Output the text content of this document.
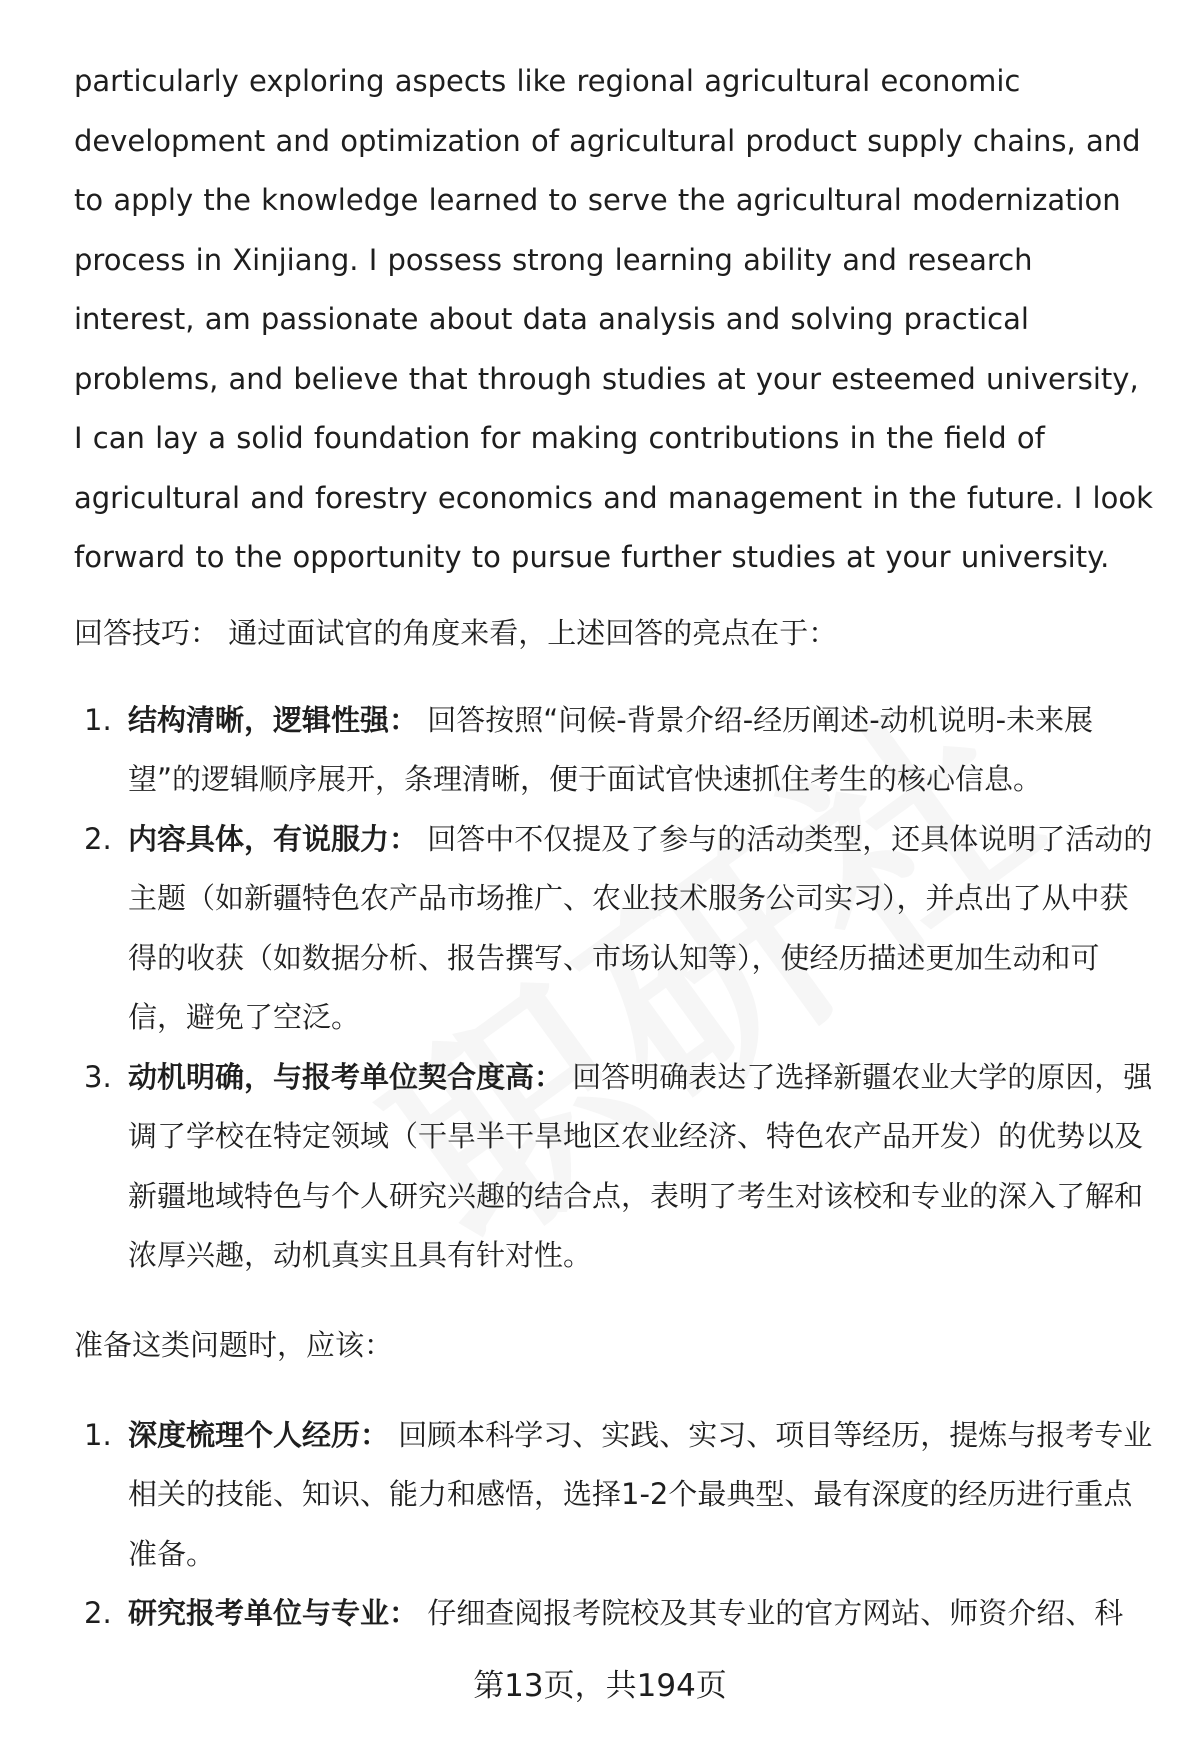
particularly exploring aspects like regional agricultural economic development and optimization of agricultural product supply chains, and to apply the knowledge learned to serve the agricultural modernization process in Xinjiang. I possess strong learning ability and research interest, am passionate about data analysis and solving practical problems, and believe that through studies at your esteemed university, I can lay a solid foundation for making contributions in the field of agricultural and forestry economics and management in the future. I look forward to the opportunity to pursue further studies at your university.

回答技巧： 通过面试官的角度来看，上述回答的亮点在于：

1. 结构清晰，逻辑性强： 回答按照“问候-背景介绍-经历阐述-动机说明-未来展望”的逻辑顺序展开，条理清晰，便于面试官快速抓住考生的核心信息。
2. 内容具体，有说服力： 回答中不仅提及了参与的活动类型，还具体说明了活动的主题（如新疆特色农产品市场推广、农业技术服务公司实习），并点出了从中获得的收获（如数据分析、报告撰写、市场认知等），使经历描述更加生动和可信，避免了空泛。
3. 动机明确，与报考单位契合度高： 回答明确表达了选择新疆农业大学的原因，强调了学校在特定领域（干旱半干旱地区农业经济、特色农产品开发）的优势以及新疆地域特色与个人研究兴趣的结合点，表明了考生对该校和专业的深入了解和浓厚兴趣，动机真实且具有针对性。

准备这类问题时，应该：

1. 深度梳理个人经历： 回顾本科学习、实践、实习、项目等经历，提炼与报考专业相关的技能、知识、能力和感悟，选择1-2个最典型、最有深度的经历进行重点准备。
2. 研究报考单位与专业： 仔细查阅报考院校及其专业的官方网站、师资介绍、科
第13页，共194页
